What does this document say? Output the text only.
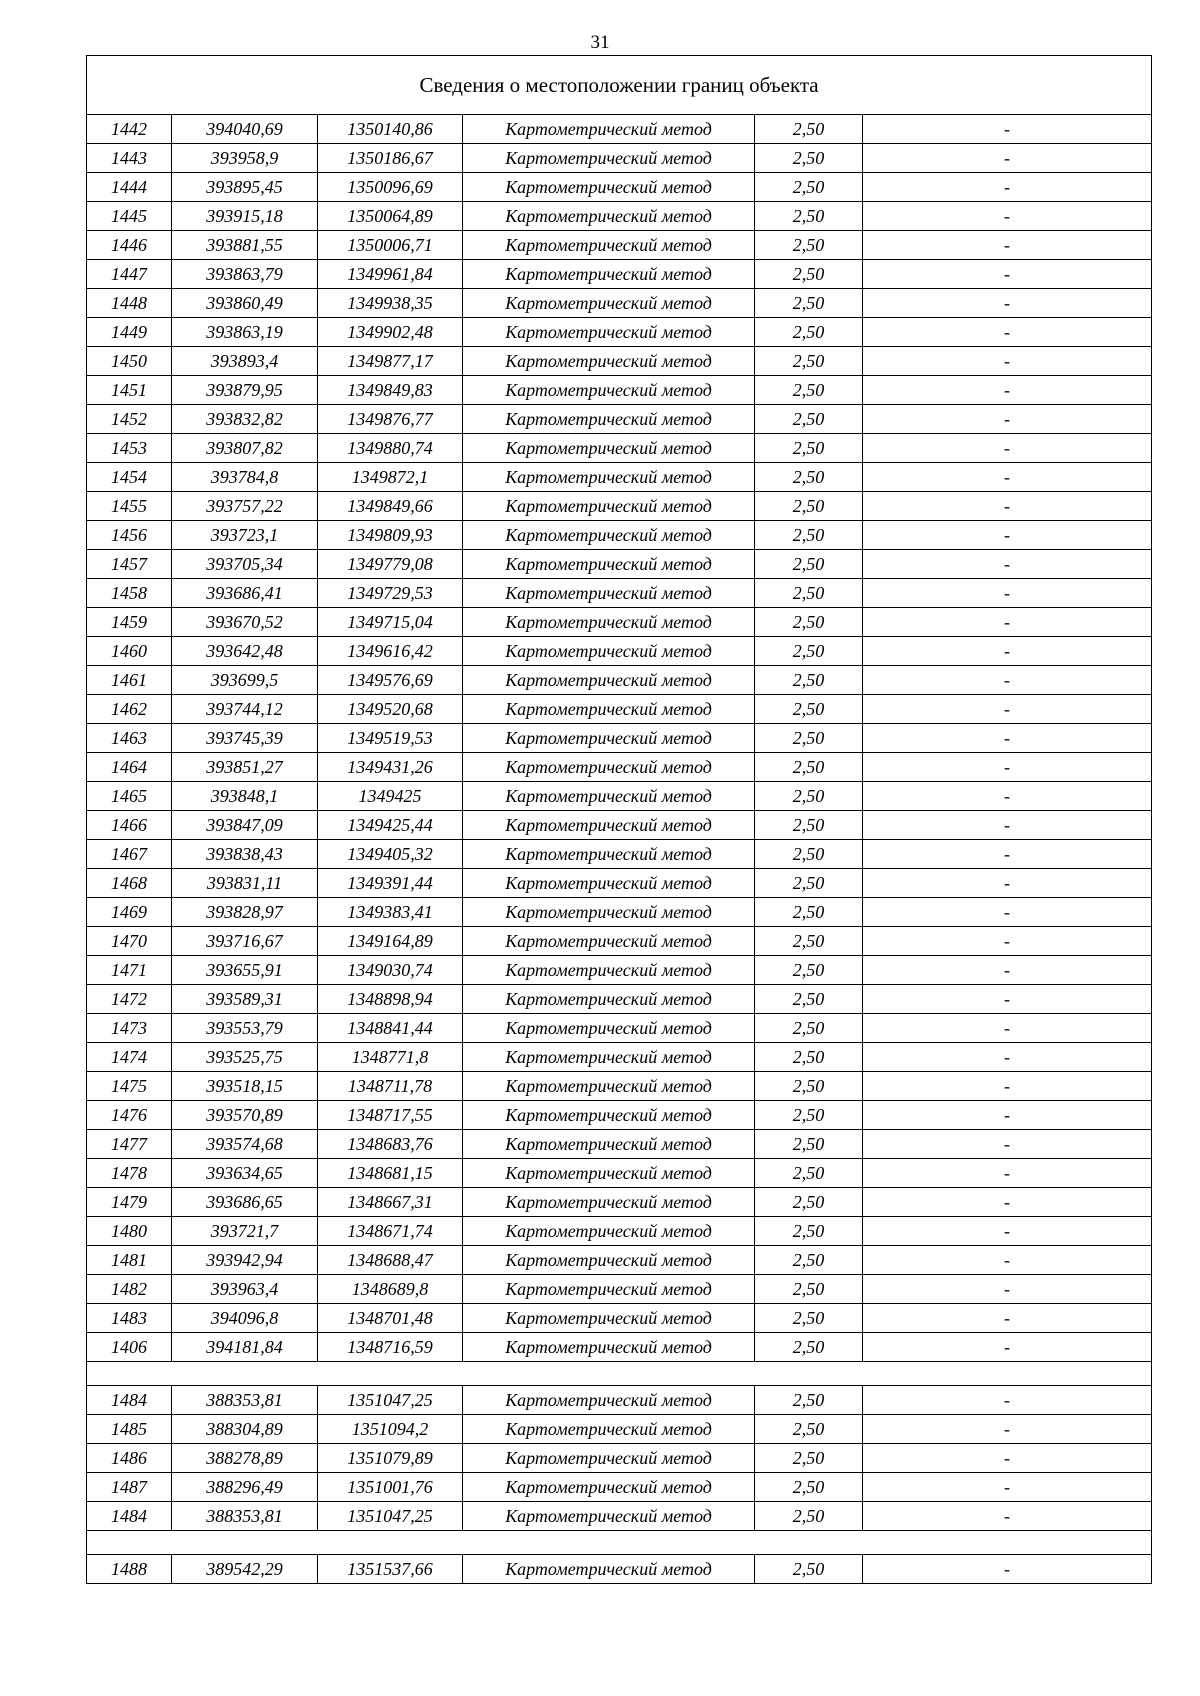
31
Сведения о местоположении границ объекта					
1442	394040,69	1350140,86	Картометрический метод	2,50	-
1443	393958,9	1350186,67	Картометрический метод	2,50	-
1444	393895,45	1350096,69	Картометрический метод	2,50	-
1445	393915,18	1350064,89	Картометрический метод	2,50	-
1446	393881,55	1350006,71	Картометрический метод	2,50	-
1447	393863,79	1349961,84	Картометрический метод	2,50	-
1448	393860,49	1349938,35	Картометрический метод	2,50	-
1449	393863,19	1349902,48	Картометрический метод	2,50	-
1450	393893,4	1349877,17	Картометрический метод	2,50	-
1451	393879,95	1349849,83	Картометрический метод	2,50	-
1452	393832,82	1349876,77	Картометрический метод	2,50	-
1453	393807,82	1349880,74	Картометрический метод	2,50	-
1454	393784,8	1349872,1	Картометрический метод	2,50	-
1455	393757,22	1349849,66	Картометрический метод	2,50	-
1456	393723,1	1349809,93	Картометрический метод	2,50	-
1457	393705,34	1349779,08	Картометрический метод	2,50	-
1458	393686,41	1349729,53	Картометрический метод	2,50	-
1459	393670,52	1349715,04	Картометрический метод	2,50	-
1460	393642,48	1349616,42	Картометрический метод	2,50	-
1461	393699,5	1349576,69	Картометрический метод	2,50	-
1462	393744,12	1349520,68	Картометрический метод	2,50	-
1463	393745,39	1349519,53	Картометрический метод	2,50	-
1464	393851,27	1349431,26	Картометрический метод	2,50	-
1465	393848,1	1349425	Картометрический метод	2,50	-
1466	393847,09	1349425,44	Картометрический метод	2,50	-
1467	393838,43	1349405,32	Картометрический метод	2,50	-
1468	393831,11	1349391,44	Картометрический метод	2,50	-
1469	393828,97	1349383,41	Картометрический метод	2,50	-
1470	393716,67	1349164,89	Картометрический метод	2,50	-
1471	393655,91	1349030,74	Картометрический метод	2,50	-
1472	393589,31	1348898,94	Картометрический метод	2,50	-
1473	393553,79	1348841,44	Картометрический метод	2,50	-
1474	393525,75	1348771,8	Картометрический метод	2,50	-
1475	393518,15	1348711,78	Картометрический метод	2,50	-
1476	393570,89	1348717,55	Картометрический метод	2,50	-
1477	393574,68	1348683,76	Картометрический метод	2,50	-
1478	393634,65	1348681,15	Картометрический метод	2,50	-
1479	393686,65	1348667,31	Картометрический метод	2,50	-
1480	393721,7	1348671,74	Картометрический метод	2,50	-
1481	393942,94	1348688,47	Картометрический метод	2,50	-
1482	393963,4	1348689,8	Картометрический метод	2,50	-
1483	394096,8	1348701,48	Картометрический метод	2,50	-
1406	394181,84	1348716,59	Картометрический метод	2,50	-

1484	388353,81	1351047,25	Картометрический метод	2,50	-
1485	388304,89	1351094,2	Картометрический метод	2,50	-
1486	388278,89	1351079,89	Картометрический метод	2,50	-
1487	388296,49	1351001,76	Картометрический метод	2,50	-
1484	388353,81	1351047,25	Картометрический метод	2,50	-

1488	389542,29	1351537,66	Картометрический метод	2,50	-
